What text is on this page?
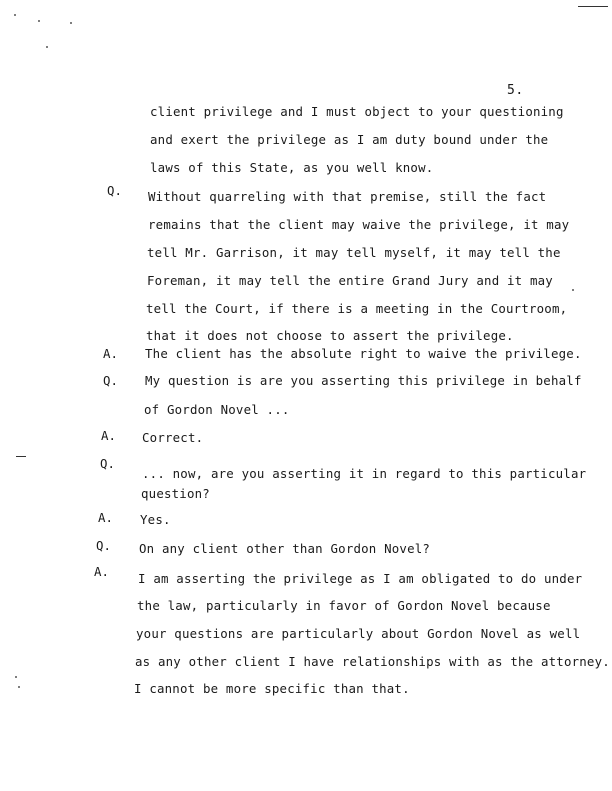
5.
client privilege and I must object to your questioning
and exert the privilege as I am duty bound under the
laws of this State, as you well know.
Q. Without quarreling with that premise, still the fact
remains that the client may waive the privilege, it may
tell Mr. Garrison, it may tell myself, it may tell the
Foreman, it may tell the entire Grand Jury and it may
tell the Court, if there is a meeting in the Courtroom,
that it does not choose to assert the privilege.
A. The client has the absolute right to waive the privilege.
Q. My question is are you asserting this privilege in behalf
of Gordon Novel ...
A. Correct.
Q.
... now, are you asserting it in regard to this particular
question?
A. Yes.
Q. On any client other than Gordon Novel?
A. I am asserting the privilege as I am obligated to do under
the law, particularly in favor of Gordon Novel because
your questions are particularly about Gordon Novel as well
as any other client I have relationships with as the attorney.
I cannot be more specific than that.
